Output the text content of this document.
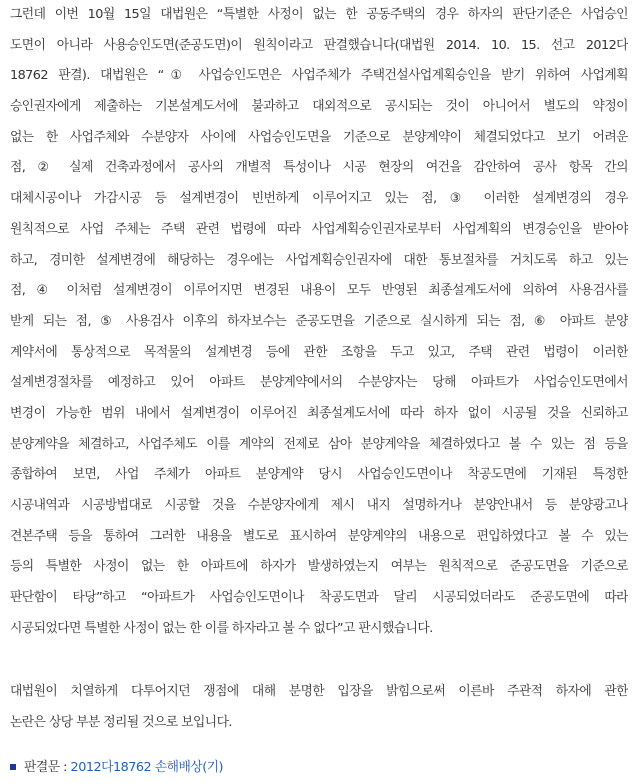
그런데 이번 10월 15일 대법원은 “특별한 사정이 없는 한 공동주택의 경우 하자의 판단기준은 사업승인
도면이 아니라 사용승인도면(준공도면)이 원칙이라고 판결했습니다(대법원 2014. 10. 15. 선고 2012다
18762 판결). 대법원은 “① 사업승인도면은 사업주체가 주택건설사업계획승인을 받기 위하여 사업계획
승인권자에게 제출하는 기본설계도서에 불과하고 대외적으로 공시되는 것이 아니어서 별도의 약정이
없는 한 사업주체와 수분양자 사이에 사업승인도면을 기준으로 분양계약이 체결되었다고 보기 어려운
점, ② 실제 건축과정에서 공사의 개별적 특성이나 시공 현장의 여건을 감안하여 공사 항목 간의
대체시공이나 가감시공 등 설계변경이 빈번하게 이루어지고 있는 점, ③ 이러한 설계변경의 경우
원칙적으로 사업 주체는 주택 관련 법령에 따라 사업계획승인권자로부터 사업계획의 변경승인을 받아야
하고, 경미한 설계변경에 해당하는 경우에는 사업계획승인권자에 대한 통보절차를 거치도록 하고 있는
점, ④ 이처럼 설계변경이 이루어지면 변경된 내용이 모두 반영된 최종설계도서에 의하여 사용검사를
받게 되는 점, ⑤ 사용검사 이후의 하자보수는 준공도면을 기준으로 실시하게 되는 점, ⑥ 아파트 분양
계약서에 통상적으로 목적물의 설계변경 등에 관한 조항을 두고 있고, 주택 관련 법령이 이러한
설계변경절차를 예정하고 있어 아파트 분양계약에서의 수분양자는 당해 아파트가 사업승인도면에서
변경이 가능한 범위 내에서 설계변경이 이루어진 최종설계도서에 따라 하자 없이 시공될 것을 신뢰하고
분양계약을 체결하고, 사업주체도 이를 계약의 전제로 삼아 분양계약을 체결하였다고 볼 수 있는 점 등을
종합하여 보면, 사업 주체가 아파트 분양계약 당시 사업승인도면이나 착공도면에 기재된 특정한
시공내역과 시공방법대로 시공할 것을 수분양자에게 제시 내지 설명하거나 분양안내서 등 분양광고나
견본주택 등을 통하여 그러한 내용을 별도로 표시하여 분양계약의 내용으로 편입하였다고 볼 수 있는
등의 특별한 사정이 없는 한 아파트에 하자가 발생하였는지 여부는 원칙적으로 준공도면을 기준으로
판단함이 타당”하고 “아파트가 사업승인도면이나 착공도면과 달리 시공되었더라도 준공도면에 따라
시공되었다면 특별한 사정이 없는 한 이를 하자라고 볼 수 없다”고 판시했습니다.
대법원이 치열하게 다투어지던 쟁점에 대해 분명한 입장을 밝힘으로써 이른바 주관적 하자에 관한
논란은 상당 부분 정리될 것으로 보입니다.
판결문 : 2012다18762 손해배상(기)
